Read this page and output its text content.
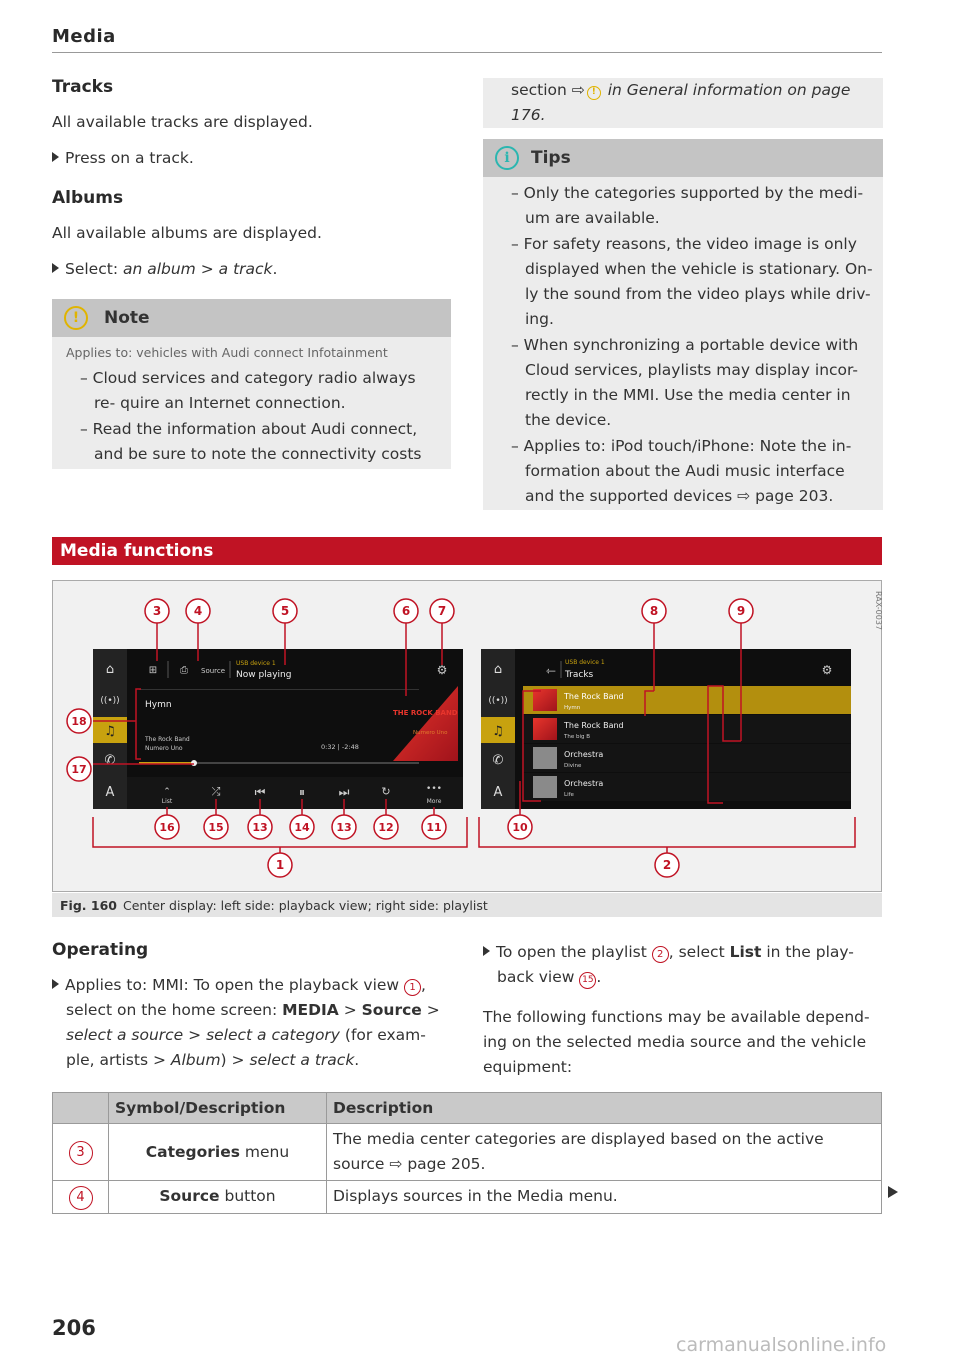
Media
Tracks
All available tracks are displayed.
Press on a track.
Albums
All available albums are displayed.
Select: an album > a track.
!	Note
Applies to: vehicles with Audi connect Infotainment
– Cloud services and category radio always re- quire an Internet connection.
– Read the information about Audi connect, and be sure to note the connectivity costs
section ⇨ ! in General information on page 176.
i	Tips
– Only the categories supported by the medi- um are available.
– For safety reasons, the video image is only displayed when the vehicle is stationary. On- ly the sound from the video plays while driv- ing.
– When synchronizing a portable device with Cloud services, playlists may display incor- rectly in the MMI. Use the media center in the device.
– Applies to: iPod touch/iPhone: Note the in- formation about the Audi music interface and the supported devices ⇨ page 203.
Media functions
⌂
((•))
♫
✆
A
⊞ ⎙ Source
USB device 1
Now playing	⚙
Hymn
The Rock Band
Numero Uno	0:32 | -2:48
THE ROCK BAND
Numero Uno
⌃
List
⤮	⏮	⏸	⏭	↻	•••
More
⌂
((•))
♫
✆
A
⇽
USB device 1
Tracks	⚙
The Rock Band
Hymn
The Rock Band
The big B
Orchestra
Divine
Orchestra
Life
3	4	5	6 7	8	9
18
17
16	15	13 14 13 12	11	10
1	2
RAX-0037
Fig. 160 Center display: left side: playback view; right side: playlist
Operating
Applies to: MMI: To open the playback view 1 , select on the home screen: MEDIA > Source > select a source > select a category (for exam- ple, artists > Album) > select a track.
To open the playlist 2 , select List in the play- back view 15 .
The following functions may be available depend- ing on the selected media source and the vehicle equipment:
	Symbol/Description	Description
3	Categories menu	The media center categories are displayed based on the active source ⇨ page 205.
4	Source button	Displays sources in the Media menu.
206
carmanualsonline.info
